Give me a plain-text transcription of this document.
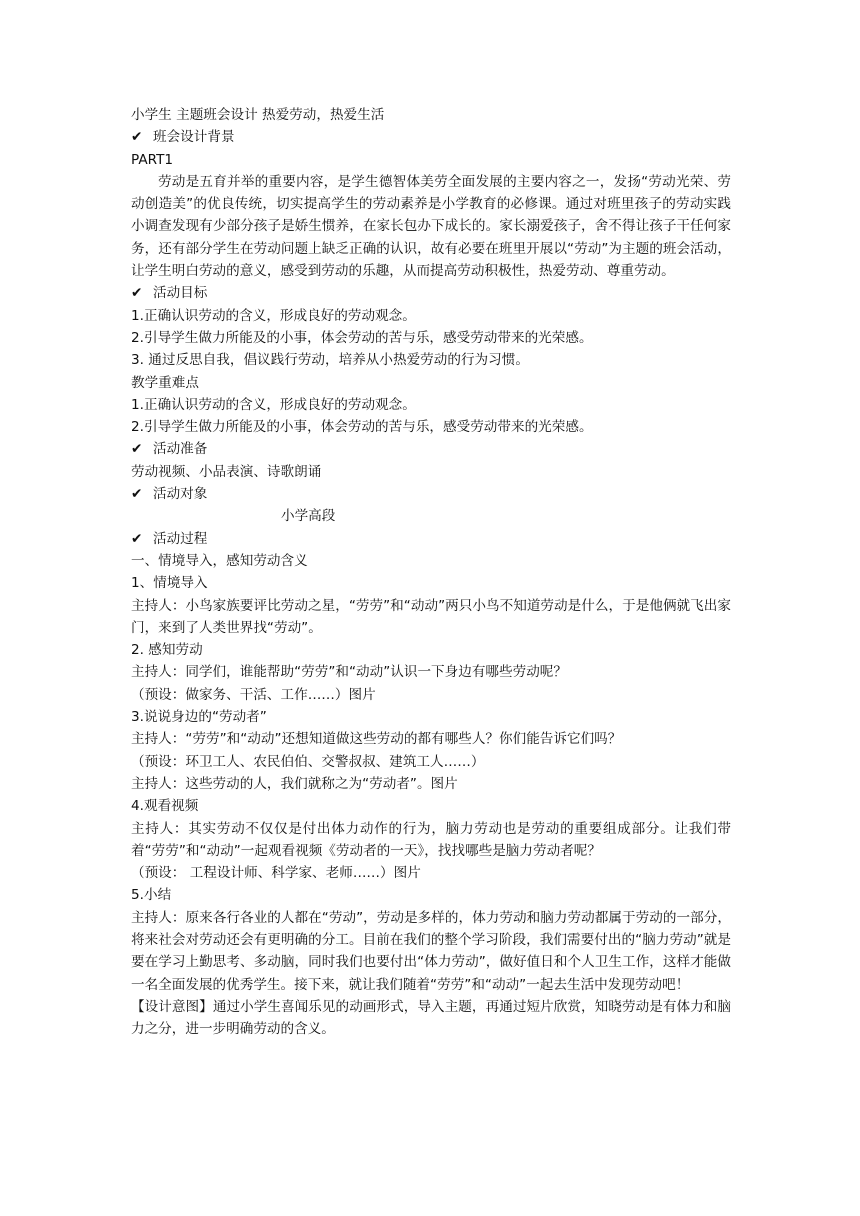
小学生 主题班会设计 热爱劳动，热爱生活
✔ 班会设计背景
PART1

劳动是五育并举的重要内容，是学生德智体美劳全面发展的主要内容之一，发扬“劳动光荣、劳动创造美”的优良传统，切实提高学生的劳动素养是小学教育的必修课。通过对班里孩子的劳动实践小调查发现有少部分孩子是娇生惯养，在家长包办下成长的。家长溺爱孩子，舍不得让孩子干任何家务，还有部分学生在劳动问题上缺乏正确的认识，故有必要在班里开展以“劳动”为主题的班会活动，让学生明白劳动的意义，感受到劳动的乐趣，从而提高劳动积极性，热爱劳动、尊重劳动。

✔ 活动目标
1.正确认识劳动的含义，形成良好的劳动观念。
2.引导学生做力所能及的小事，体会劳动的苦与乐，感受劳动带来的光荣感。
3. 通过反思自我，倡议践行劳动，培养从小热爱劳动的行为习惯。
教学重难点
1.正确认识劳动的含义，形成良好的劳动观念。
2.引导学生做力所能及的小事，体会劳动的苦与乐，感受劳动带来的光荣感。
✔ 活动准备
劳动视频、小品表演、诗歌朗诵
✔ 活动对象
小学高段
✔ 活动过程
一、情境导入，感知劳动含义
1、情境导入

主持人：小鸟家族要评比劳动之星，“劳劳”和“动动”两只小鸟不知道劳动是什么，于是他俩就飞出家门，来到了人类世界找“劳动”。

2. 感知劳动
主持人：同学们，谁能帮助“劳劳”和“动动”认识一下身边有哪些劳动呢？
（预设：做家务、干活、工作……）图片
3.说说身边的“劳动者”
主持人：“劳劳”和“动动”还想知道做这些劳动的都有哪些人？你们能告诉它们吗？
（预设：环卫工人、农民伯伯、交警叔叔、建筑工人……）
主持人：这些劳动的人，我们就称之为“劳动者”。图片
4.观看视频

主持人：其实劳动不仅仅是付出体力动作的行为，脑力劳动也是劳动的重要组成部分。让我们带着“劳劳”和“动动”一起观看视频《劳动者的一天》，找找哪些是脑力劳动者呢？

（预设： 工程设计师、科学家、老师……）图片
5.小结

主持人：原来各行各业的人都在“劳动”，劳动是多样的，体力劳动和脑力劳动都属于劳动的一部分，将来社会对劳动还会有更明确的分工。目前在我们的整个学习阶段，我们需要付出的“脑力劳动”就是要在学习上勤思考、多动脑，同时我们也要付出“体力劳动”，做好值日和个人卫生工作，这样才能做一名全面发展的优秀学生。接下来，就让我们随着“劳劳”和“动动”一起去生活中发现劳动吧！

【设计意图】通过小学生喜闻乐见的动画形式，导入主题，再通过短片欣赏，知晓劳动是有体力和脑力之分，进一步明确劳动的含义。
